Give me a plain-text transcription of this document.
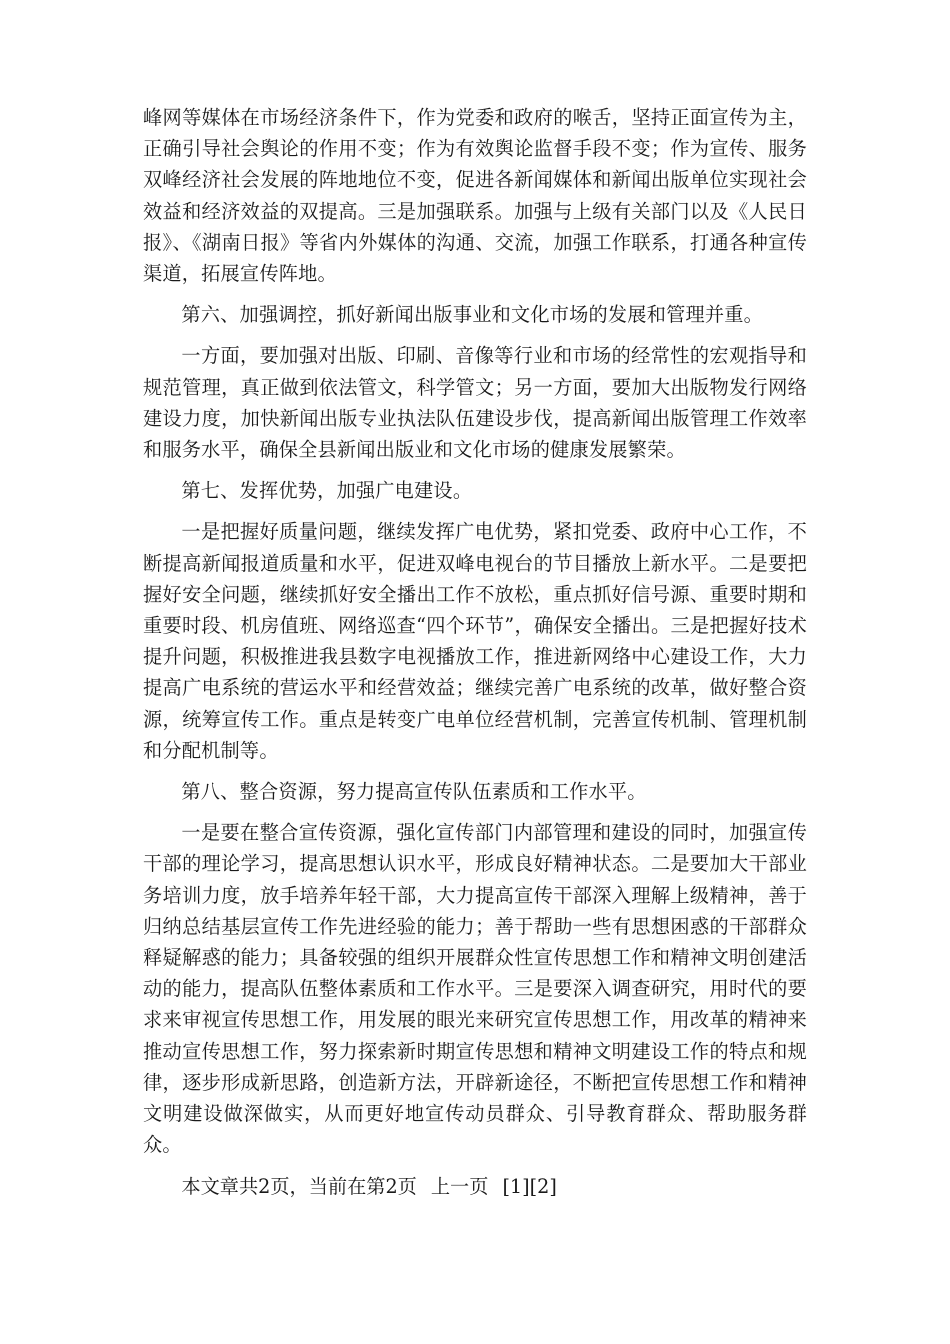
峰网等媒体在市场经济条件下，作为党委和政府的喉舌，坚持正面宣传为主，正确引导社会舆论的作用不变；作为有效舆论监督手段不变；作为宣传、服务双峰经济社会发展的阵地地位不变，促进各新闻媒体和新闻出版单位实现社会效益和经济效益的双提高。三是加强联系。加强与上级有关部门以及《人民日报》、《湖南日报》等省内外媒体的沟通、交流，加强工作联系，打通各种宣传渠道，拓展宣传阵地。

第六、加强调控，抓好新闻出版事业和文化市场的发展和管理并重。

一方面，要加强对出版、印刷、音像等行业和市场的经常性的宏观指导和规范管理，真正做到依法管文，科学管文；另一方面，要加大出版物发行网络建设力度，加快新闻出版专业执法队伍建设步伐，提高新闻出版管理工作效率和服务水平，确保全县新闻出版业和文化市场的健康发展繁荣。

第七、发挥优势，加强广电建设。

一是把握好质量问题，继续发挥广电优势，紧扣党委、政府中心工作，不断提高新闻报道质量和水平，促进双峰电视台的节目播放上新水平。二是要把握好安全问题，继续抓好安全播出工作不放松，重点抓好信号源、重要时期和重要时段、机房值班、网络巡查“四个环节”，确保安全播出。三是把握好技术提升问题，积极推进我县数字电视播放工作，推进新网络中心建设工作，大力提高广电系统的营运水平和经营效益；继续完善广电系统的改革，做好整合资源，统筹宣传工作。重点是转变广电单位经营机制，完善宣传机制、管理机制和分配机制等。

第八、整合资源，努力提高宣传队伍素质和工作水平。

一是要在整合宣传资源，强化宣传部门内部管理和建设的同时，加强宣传干部的理论学习，提高思想认识水平，形成良好精神状态。二是要加大干部业务培训力度，放手培养年轻干部，大力提高宣传干部深入理解上级精神，善于归纳总结基层宣传工作先进经验的能力；善于帮助一些有思想困惑的干部群众释疑解惑的能力；具备较强的组织开展群众性宣传思想工作和精神文明创建活动的能力，提高队伍整体素质和工作水平。三是要深入调查研究，用时代的要求来审视宣传思想工作，用发展的眼光来研究宣传思想工作，用改革的精神来推动宣传思想工作，努力探索新时期宣传思想和精神文明建设工作的特点和规律，逐步形成新思路，创造新方法，开辟新途径，不断把宣传思想工作和精神文明建设做深做实，从而更好地宣传动员群众、引导教育群众、帮助服务群众。

本文章共2页，当前在第2页 上一页 [1][2]
